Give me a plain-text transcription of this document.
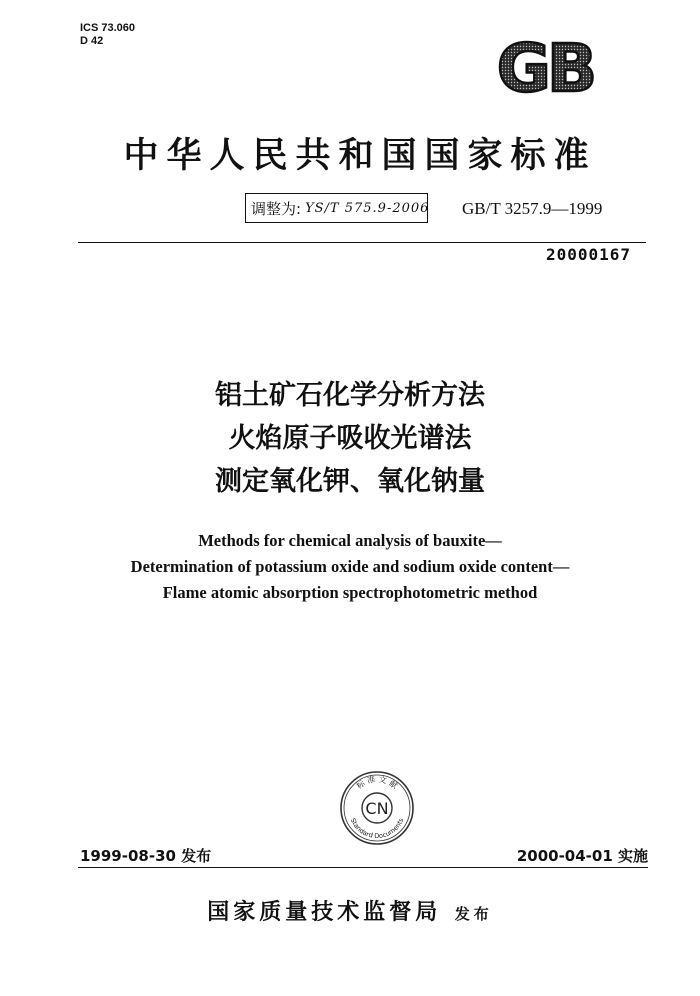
ICS 73.060
D 42	GB
中华人民共和国国家标准
调整为: YS/T 575.9-2006 GB/T 3257.9—1999
20000167
铝土矿石化学分析方法
火焰原子吸收光谱法
测定氧化钾、氧化钠量
Methods for chemical analysis of bauxite—
Determination of potassium oxide and sodium oxide content—
Flame atomic absorption spectrophotometric method
CN
标 准 文 献
Standard Documents
1999-08-30 发布	2000-04-01 实施
国家质量技术监督局 发布
